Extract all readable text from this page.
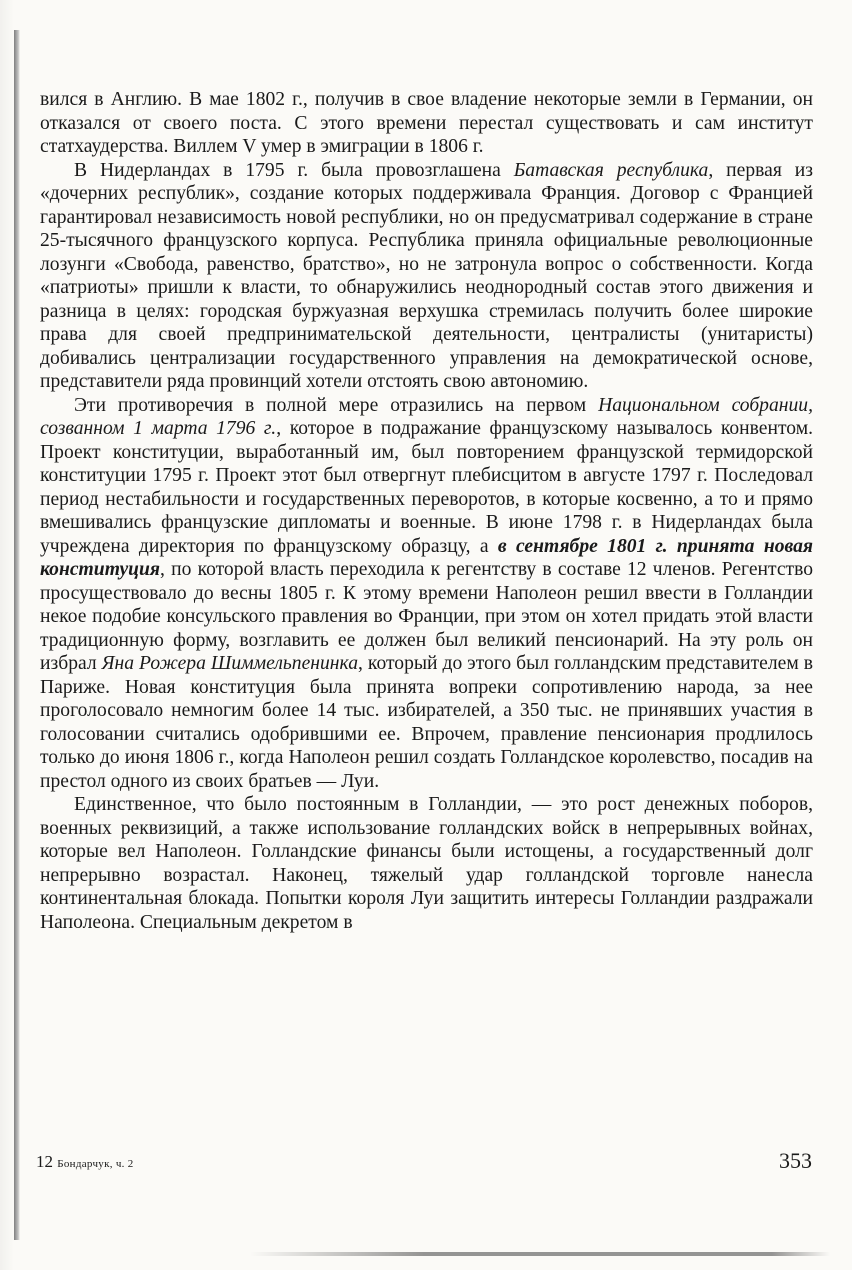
вился в Англию. В мае 1802 г., получив в свое владение некоторые земли в Германии, он отказался от своего поста. С этого времени перестал существовать и сам институт статхаудерства. Виллем V умер в эмиграции в 1806 г.

В Нидерландах в 1795 г. была провозглашена Батавская республика, первая из «дочерних республик», создание которых поддерживала Франция. Договор с Францией гарантировал независимость новой республики, но он предусматривал содержание в стране 25-тысячного французского корпуса. Республика приняла официальные революционные лозунги «Свобода, равенство, братство», но не затронула вопрос о собственности. Когда «патриоты» пришли к власти, то обнаружились неоднородный состав этого движения и разница в целях: городская буржуазная верхушка стремилась получить более широкие права для своей предпринимательской деятельности, централисты (унитаристы) добивались централизации государственного управления на демократической основе, представители ряда провинций хотели отстоять свою автономию.

Эти противоречия в полной мере отразились на первом Национальном собрании, созванном 1 марта 1796 г., которое в подражание французскому называлось конвентом. Проект конституции, выработанный им, был повторением французской термидорской конституции 1795 г. Проект этот был отвергнут плебисцитом в августе 1797 г. Последовал период нестабильности и государственных переворотов, в которые косвенно, а то и прямо вмешивались французские дипломаты и военные. В июне 1798 г. в Нидерландах была учреждена директория по французскому образцу, а в сентябре 1801 г. принята новая конституция, по которой власть переходила к регентству в составе 12 членов. Регентство просуществовало до весны 1805 г. К этому времени Наполеон решил ввести в Голландии некое подобие консульского правления во Франции, при этом он хотел придать этой власти традиционную форму, возглавить ее должен был великий пенсионарий. На эту роль он избрал Яна Рожера Шиммельпенинка, который до этого был голландским представителем в Париже. Новая конституция была принята вопреки сопротивлению народа, за нее проголосовало немногим более 14 тыс. избирателей, а 350 тыс. не принявших участия в голосовании считались одобрившими ее. Впрочем, правление пенсионария продлилось только до июня 1806 г., когда Наполеон решил создать Голландское королевство, посадив на престол одного из своих братьев — Луи.

Единственное, что было постоянным в Голландии, — это рост денежных поборов, военных реквизиций, а также использование голландских войск в непрерывных войнах, которые вел Наполеон. Голландские финансы были истощены, а государственный долг непрерывно возрастал. Наконец, тяжелый удар голландской торговле нанесла континентальная блокада. Попытки короля Луи защитить интересы Голландии раздражали Наполеона. Специальным декретом в

12 Бондарчук, ч. 2	353
